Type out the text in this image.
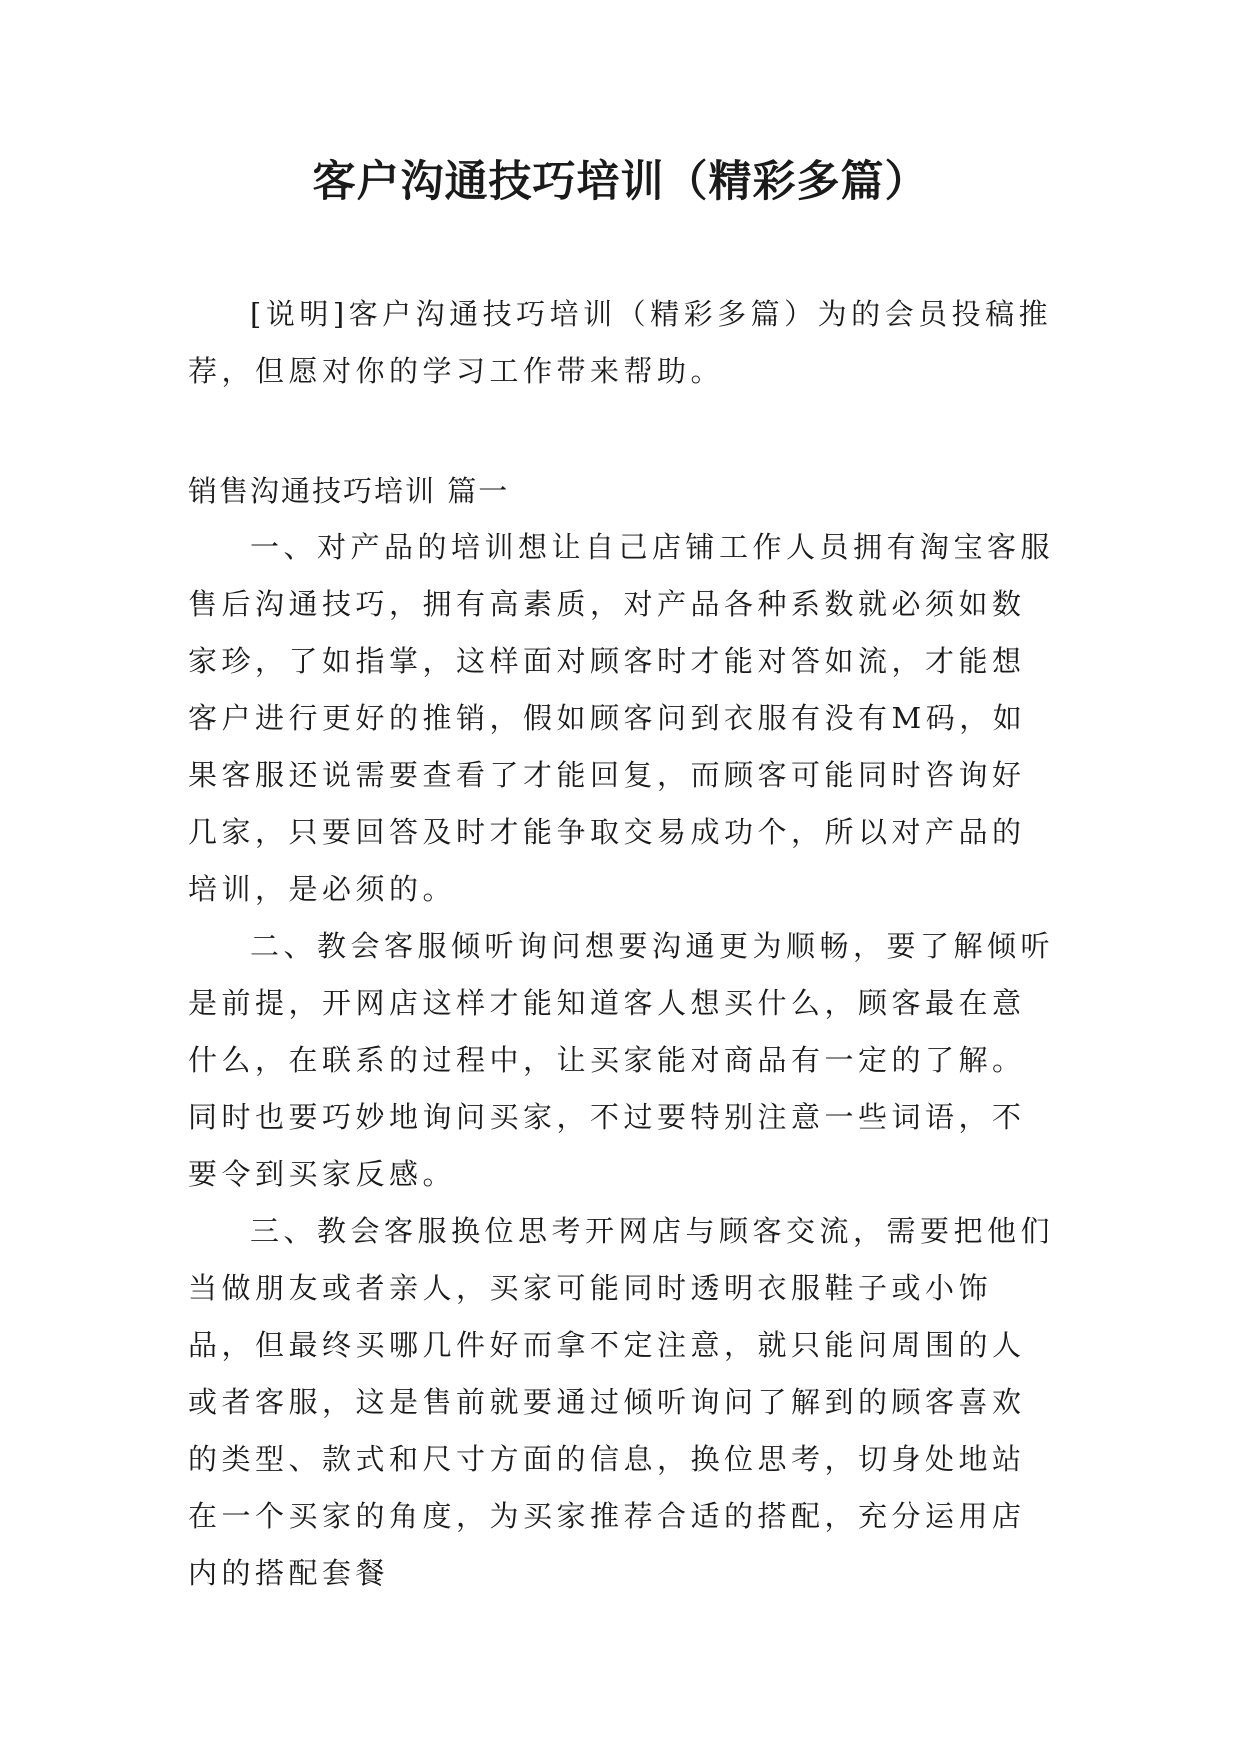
客户沟通技巧培训（精彩多篇）

[说明]客户沟通技巧培训（精彩多篇）为的会员投稿推荐，但愿对你的学习工作带来帮助。

销售沟通技巧培训 篇一

一、对产品的培训想让自己店铺工作人员拥有淘宝客服售后沟通技巧，拥有高素质，对产品各种系数就必须如数家珍，了如指掌，这样面对顾客时才能对答如流，才能想客户进行更好的推销，假如顾客问到衣服有没有M码，如果客服还说需要查看了才能回复，而顾客可能同时咨询好几家，只要回答及时才能争取交易成功个，所以对产品的培训，是必须的。

二、教会客服倾听询问想要沟通更为顺畅，要了解倾听是前提，开网店这样才能知道客人想买什么，顾客最在意什么，在联系的过程中，让买家能对商品有一定的了解。同时也要巧妙地询问买家，不过要特别注意一些词语，不要令到买家反感。

三、教会客服换位思考开网店与顾客交流，需要把他们当做朋友或者亲人，买家可能同时透明衣服鞋子或小饰品，但最终买哪几件好而拿不定注意，就只能问周围的人或者客服，这是售前就要通过倾听询问了解到的顾客喜欢的类型、款式和尺寸方面的信息，换位思考，切身处地站在一个买家的角度，为买家推荐合适的搭配，充分运用店内的搭配套餐
